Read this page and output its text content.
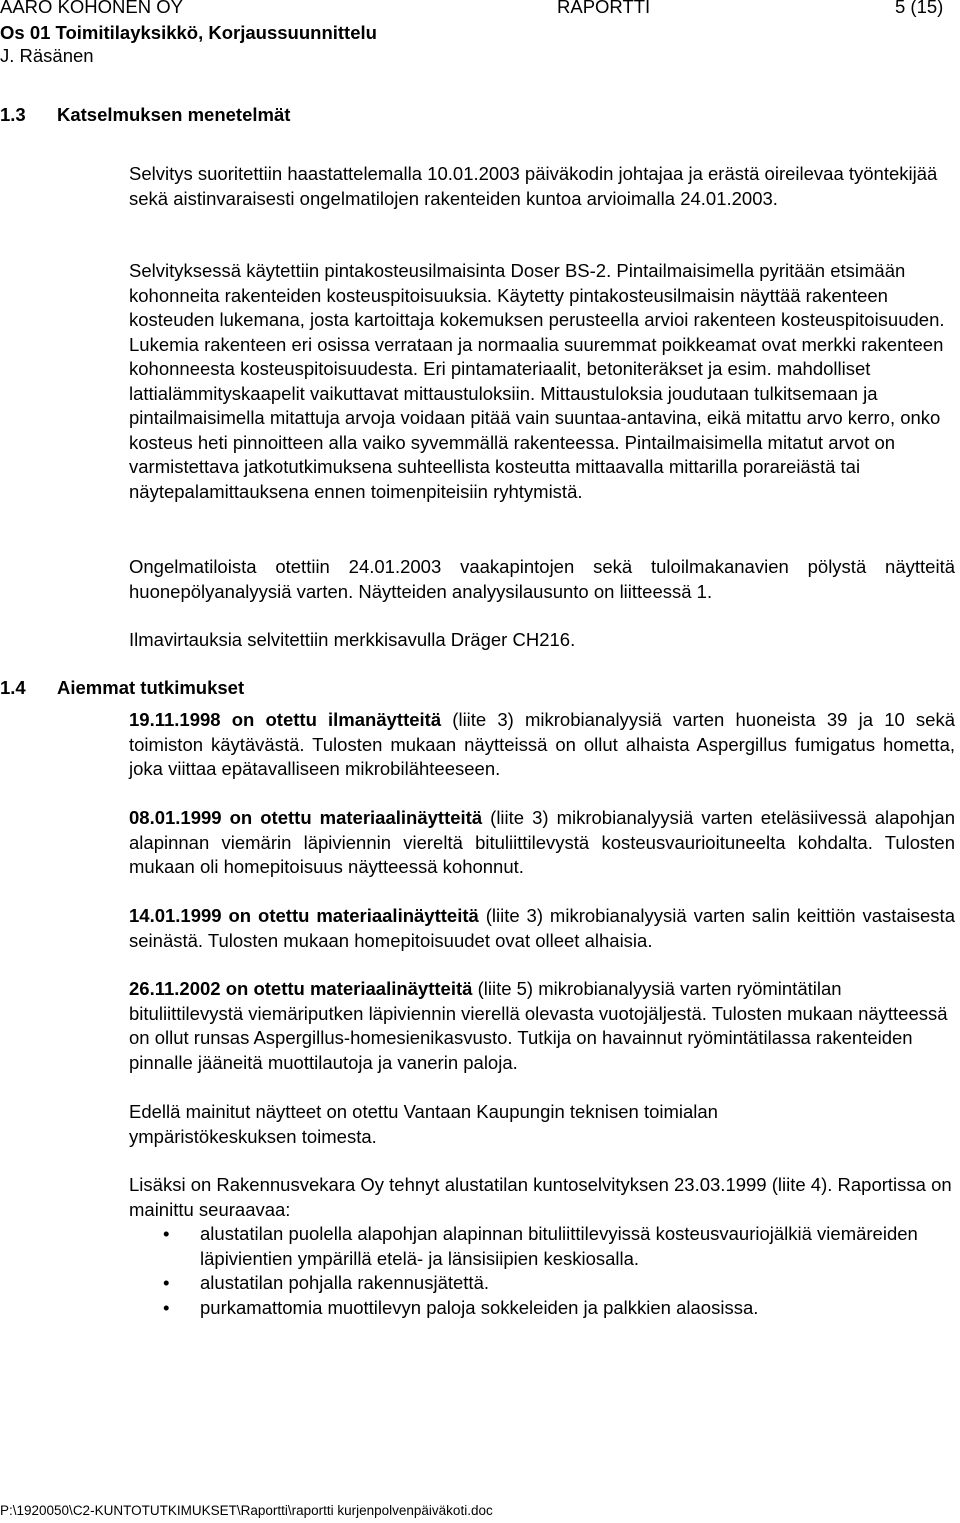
AARO KOHONEN OY	RAPORTTI	5 (15)
Os 01 Toimitilayksikkö, Korjaussuunnittelu
J. Räsänen
1.3 Katselmuksen menetelmät

Selvitys suoritettiin haastattelemalla 10.01.2003 päiväkodin johtajaa ja erästä oireilevaa työntekijää sekä aistinvaraisesti ongelmatilojen rakenteiden kuntoa arvioimalla 24.01.2003.

Selvityksessä käytettiin pintakosteusilmaisinta Doser BS-2. Pintailmaisimella pyritään etsimään kohonneita rakenteiden kosteuspitoisuuksia. Käytetty pintakosteusilmaisin näyttää rakenteen kosteuden lukemana, josta kartoittaja kokemuksen perusteella arvioi rakenteen kosteuspitoisuuden. Lukemia rakenteen eri osissa verrataan ja normaalia suuremmat poikkeamat ovat merkki rakenteen kohonneesta kosteuspitoisuudesta. Eri pintamateriaalit, betoniteräkset ja esim. mahdolliset lattialämmityskaapelit vaikuttavat mittaustuloksiin. Mittaustuloksia joudutaan tulkitsemaan ja pintailmaisimella mitattuja arvoja voidaan pitää vain suuntaa-antavina, eikä mitattu arvo kerro, onko kosteus heti pinnoitteen alla vaiko syvemmällä rakenteessa. Pintailmaisimella mitatut arvot on varmistettava jatkotutkimuksena suhteellista kosteutta mittaavalla mittarilla porareiästä tai näytepalamittauksena ennen toimenpiteisiin ryhtymistä.

Ongelmatiloista otettiin 24.01.2003 vaakapintojen sekä tuloilmakanavien pölystä näytteitä huonepölyanalyysiä varten. Näytteiden analyysilausunto on liitteessä 1.

Ilmavirtauksia selvitettiin merkkisavulla Dräger CH216.

1.4 Aiemmat tutkimukset

19.11.1998 on otettu ilmanäytteitä (liite 3) mikrobianalyysiä varten huoneista 39 ja 10 sekä toimiston käytävästä. Tulosten mukaan näytteissä on ollut alhaista Aspergillus fumigatus hometta, joka viittaa epätavalliseen mikrobilähteeseen.

08.01.1999 on otettu materiaalinäytteitä (liite 3) mikrobianalyysiä varten eteläsiivessä alapohjan alapinnan viemärin läpiviennin viereltä bituliittilevystä kosteusvaurioituneelta kohdalta. Tulosten mukaan oli homepitoisuus näytteessä kohonnut.

14.01.1999 on otettu materiaalinäytteitä (liite 3) mikrobianalyysiä varten salin keittiön vastaisesta seinästä. Tulosten mukaan homepitoisuudet ovat olleet alhaisia.

26.11.2002 on otettu materiaalinäytteitä (liite 5) mikrobianalyysiä varten ryömintätilan bituliittilevystä viemäriputken läpiviennin vierellä olevasta vuotojäljestä. Tulosten mukaan näytteessä on ollut runsas Aspergillus-homesienikasvusto. Tutkija on havainnut ryömintätilassa rakenteiden pinnalle jääneitä muottilautoja ja vanerin paloja.

Edellä mainitut näytteet on otettu Vantaan Kaupungin teknisen toimialan ympäristökeskuksen toimesta.

Lisäksi on Rakennusvekara Oy tehnyt alustatilan kuntoselvityksen 23.03.1999 (liite 4). Raportissa on mainittu seuraavaa:

• alustatilan puolella alapohjan alapinnan bituliittilevyissä kosteusvauriojälkiä viemäreiden läpivientien ympärillä etelä- ja länsisiipien keskiosalla.
• alustatilan pohjalla rakennusjätettä.
• purkamattomia muottilevyn paloja sokkeleiden ja palkkien alaosissa.
P:\1920050\C2-KUNTOTUTKIMUKSET\Raportti\raportti kurjenpolvenpäiväkoti.doc
